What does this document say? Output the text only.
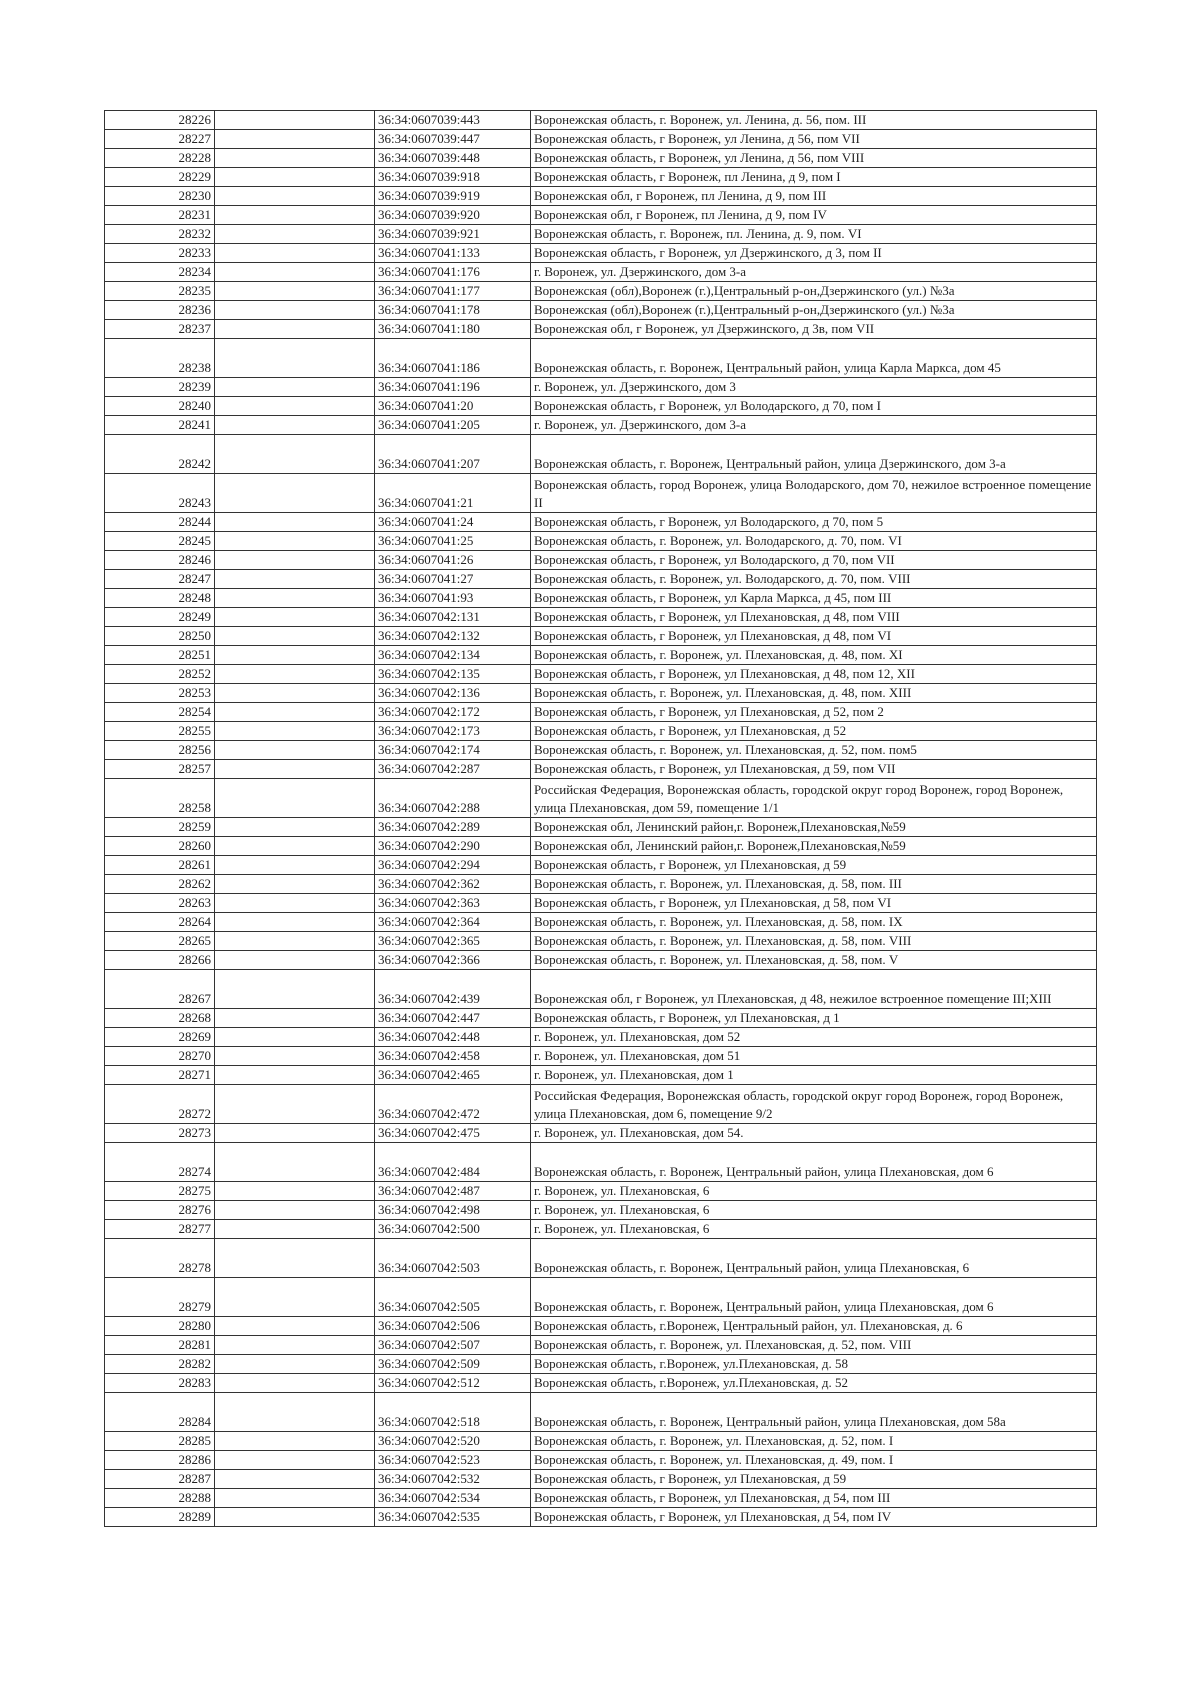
28226		36:34:0607039:443	Воронежская область, г. Воронеж, ул. Ленина, д. 56, пом. III
28227		36:34:0607039:447	Воронежская область, г Воронеж, ул Ленина, д 56, пом VII
28228		36:34:0607039:448	Воронежская область, г Воронеж, ул Ленина, д 56, пом VIII
28229		36:34:0607039:918	Воронежская область, г Воронеж, пл Ленина, д 9, пом I
28230		36:34:0607039:919	Воронежская обл, г Воронеж, пл Ленина, д 9, пом III
28231		36:34:0607039:920	Воронежская обл, г Воронеж, пл Ленина, д 9, пом IV
28232		36:34:0607039:921	Воронежская область, г. Воронеж, пл. Ленина, д. 9, пом. VI
28233		36:34:0607041:133	Воронежская область, г Воронеж, ул Дзержинского, д 3, пом II
28234		36:34:0607041:176	г. Воронеж, ул. Дзержинского, дом 3-а
28235		36:34:0607041:177	Воронежская (обл),Воронеж (г.),Центральный р-он,Дзержинского (ул.) №3а
28236		36:34:0607041:178	Воронежская (обл),Воронеж (г.),Центральный р-он,Дзержинского (ул.) №3а
28237		36:34:0607041:180	Воронежская обл, г Воронеж, ул Дзержинского, д 3в, пом VII
28238		36:34:0607041:186	Воронежская область, г. Воронеж, Центральный район, улица Карла Маркса, дом 45
28239		36:34:0607041:196	г. Воронеж, ул. Дзержинского, дом 3
28240		36:34:0607041:20	Воронежская область, г Воронеж, ул Володарского, д 70, пом I
28241		36:34:0607041:205	г. Воронеж, ул. Дзержинского, дом 3-а
28242		36:34:0607041:207	Воронежская область, г. Воронеж, Центральный район, улица Дзержинского, дом 3-а
28243		36:34:0607041:21	Воронежская область, город Воронеж, улица Володарского, дом 70, нежилое встроенное помещение II
28244		36:34:0607041:24	Воронежская область, г Воронеж, ул Володарского, д 70, пом 5
28245		36:34:0607041:25	Воронежская область, г. Воронеж, ул. Володарского, д. 70, пом. VI
28246		36:34:0607041:26	Воронежская область, г Воронеж, ул Володарского, д 70, пом VII
28247		36:34:0607041:27	Воронежская область, г. Воронеж, ул. Володарского, д. 70, пом. VIII
28248		36:34:0607041:93	Воронежская область, г Воронеж, ул Карла Маркса, д 45, пом III
28249		36:34:0607042:131	Воронежская область, г Воронеж, ул Плехановская, д 48, пом VIII
28250		36:34:0607042:132	Воронежская область, г Воронеж, ул Плехановская, д 48, пом VI
28251		36:34:0607042:134	Воронежская область, г. Воронеж, ул. Плехановская, д. 48, пом. XI
28252		36:34:0607042:135	Воронежская область, г Воронеж, ул Плехановская, д 48, пом 12, XII
28253		36:34:0607042:136	Воронежская область, г. Воронеж, ул. Плехановская, д. 48, пом. XIII
28254		36:34:0607042:172	Воронежская область, г Воронеж, ул Плехановская, д 52, пом 2
28255		36:34:0607042:173	Воронежская область, г Воронеж, ул Плехановская, д 52
28256		36:34:0607042:174	Воронежская область, г. Воронеж, ул. Плехановская, д. 52, пом. пом5
28257		36:34:0607042:287	Воронежская область, г Воронеж, ул Плехановская, д 59, пом VII
28258		36:34:0607042:288	Российская Федерация, Воронежская область, городской округ город Воронеж, город Воронеж, улица Плехановская, дом 59, помещение 1/1
28259		36:34:0607042:289	Воронежская обл, Ленинский район,г. Воронеж,Плехановская,№59
28260		36:34:0607042:290	Воронежская обл, Ленинский район,г. Воронеж,Плехановская,№59
28261		36:34:0607042:294	Воронежская область, г Воронеж, ул Плехановская, д 59
28262		36:34:0607042:362	Воронежская область, г. Воронеж, ул. Плехановская, д. 58, пом. III
28263		36:34:0607042:363	Воронежская область, г Воронеж, ул Плехановская, д 58, пом VI
28264		36:34:0607042:364	Воронежская область, г. Воронеж, ул. Плехановская, д. 58, пом. IX
28265		36:34:0607042:365	Воронежская область, г. Воронеж, ул. Плехановская, д. 58, пом. VIII
28266		36:34:0607042:366	Воронежская область, г. Воронеж, ул. Плехановская, д. 58, пом. V
28267		36:34:0607042:439	Воронежская обл, г Воронеж, ул Плехановская, д 48, нежилое встроенное помещение III;XIII
28268		36:34:0607042:447	Воронежская область, г Воронеж, ул Плехановская, д 1
28269		36:34:0607042:448	г. Воронеж, ул. Плехановская, дом 52
28270		36:34:0607042:458	г. Воронеж, ул. Плехановская, дом 51
28271		36:34:0607042:465	г. Воронеж, ул. Плехановская, дом 1
28272		36:34:0607042:472	Российская Федерация, Воронежская область, городской округ город Воронеж, город Воронеж, улица Плехановская, дом 6, помещение 9/2
28273		36:34:0607042:475	г. Воронеж, ул. Плехановская, дом 54.
28274		36:34:0607042:484	Воронежская область, г. Воронеж, Центральный район, улица Плехановская, дом 6
28275		36:34:0607042:487	г. Воронеж, ул. Плехановская, 6
28276		36:34:0607042:498	г. Воронеж, ул. Плехановская, 6
28277		36:34:0607042:500	г. Воронеж, ул. Плехановская, 6
28278		36:34:0607042:503	Воронежская область, г. Воронеж, Центральный район, улица Плехановская, 6
28279		36:34:0607042:505	Воронежская область, г. Воронеж, Центральный район, улица Плехановская, дом 6
28280		36:34:0607042:506	Воронежская область, г.Воронеж, Центральный район, ул. Плехановская, д. 6
28281		36:34:0607042:507	Воронежская область, г. Воронеж, ул. Плехановская, д. 52, пом. VIII
28282		36:34:0607042:509	Воронежская область, г.Воронеж, ул.Плехановская, д. 58
28283		36:34:0607042:512	Воронежская область, г.Воронеж, ул.Плехановская, д. 52
28284		36:34:0607042:518	Воронежская область, г. Воронеж, Центральный район, улица Плехановская, дом 58а
28285		36:34:0607042:520	Воронежская область, г. Воронеж, ул. Плехановская, д. 52, пом. I
28286		36:34:0607042:523	Воронежская область, г. Воронеж, ул. Плехановская, д. 49, пом. I
28287		36:34:0607042:532	Воронежская область, г Воронеж, ул Плехановская, д 59
28288		36:34:0607042:534	Воронежская область, г Воронеж, ул Плехановская, д 54, пом III
28289		36:34:0607042:535	Воронежская область, г Воронеж, ул Плехановская, д 54, пом IV
